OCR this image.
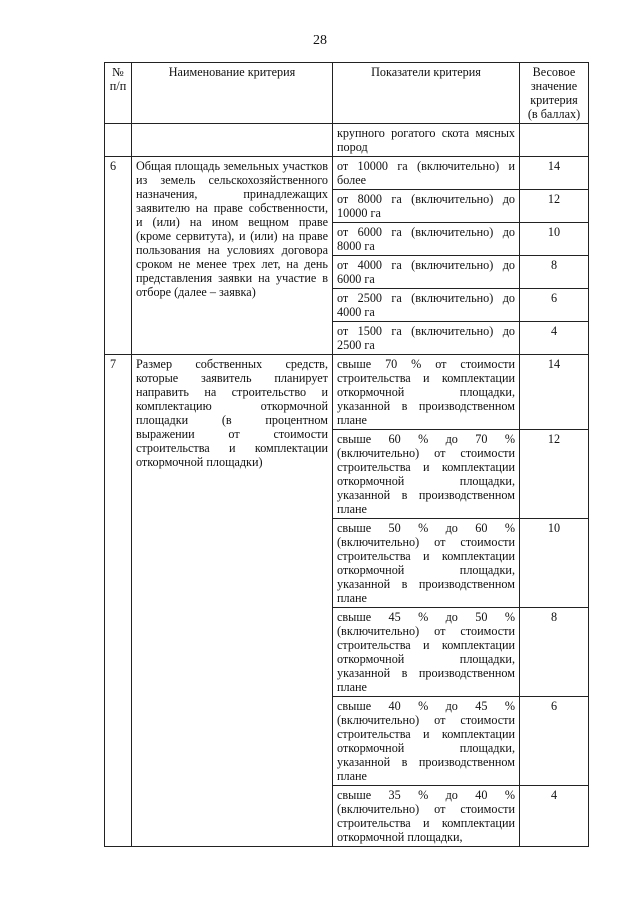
28
№ п/п	Наименование критерия	Показатели критерия	Весовое значение критерия (в баллах)
		крупного рогатого скота мясных пород	
6	Общая площадь земельных участков из земель сельскохозяйственного назначения, принадлежащих заявителю на праве собственности, и (или) на ином вещном праве (кроме сервитута), и (или) на праве пользования на условиях договора сроком не менее трех лет, на день представления заявки на участие в отборе (далее – заявка)	от 10000 га (включительно) и более	14
		от 8000 га (включительно) до 10000 га	12
		от 6000 га (включительно) до 8000 га	10
		от 4000 га (включительно) до 6000 га	8
		от 2500 га (включительно) до 4000 га	6
		от 1500 га (включительно) до 2500 га	4
7	Размер собственных средств, которые заявитель планирует направить на строительство и комплектацию откормочной площадки (в процентном выражении от стоимости строительства и комплектации откормочной площадки)	свыше 70 % от стоимости строительства и комплектации откормочной площадки, указанной в производственном плане	14
		свыше 60 % до 70 % (включительно) от стоимости строительства и комплектации откормочной площадки, указанной в производственном плане	12
		свыше 50 % до 60 % (включительно) от стоимости строительства и комплектации откормочной площадки, указанной в производственном плане	10
		свыше 45 % до 50 % (включительно) от стоимости строительства и комплектации откормочной площадки, указанной в производственном плане	8
		свыше 40 % до 45 % (включительно) от стоимости строительства и комплектации откормочной площадки, указанной в производственном плане	6
		свыше 35 % до 40 % (включительно) от стоимости строительства и комплектации откормочной площадки,	4
